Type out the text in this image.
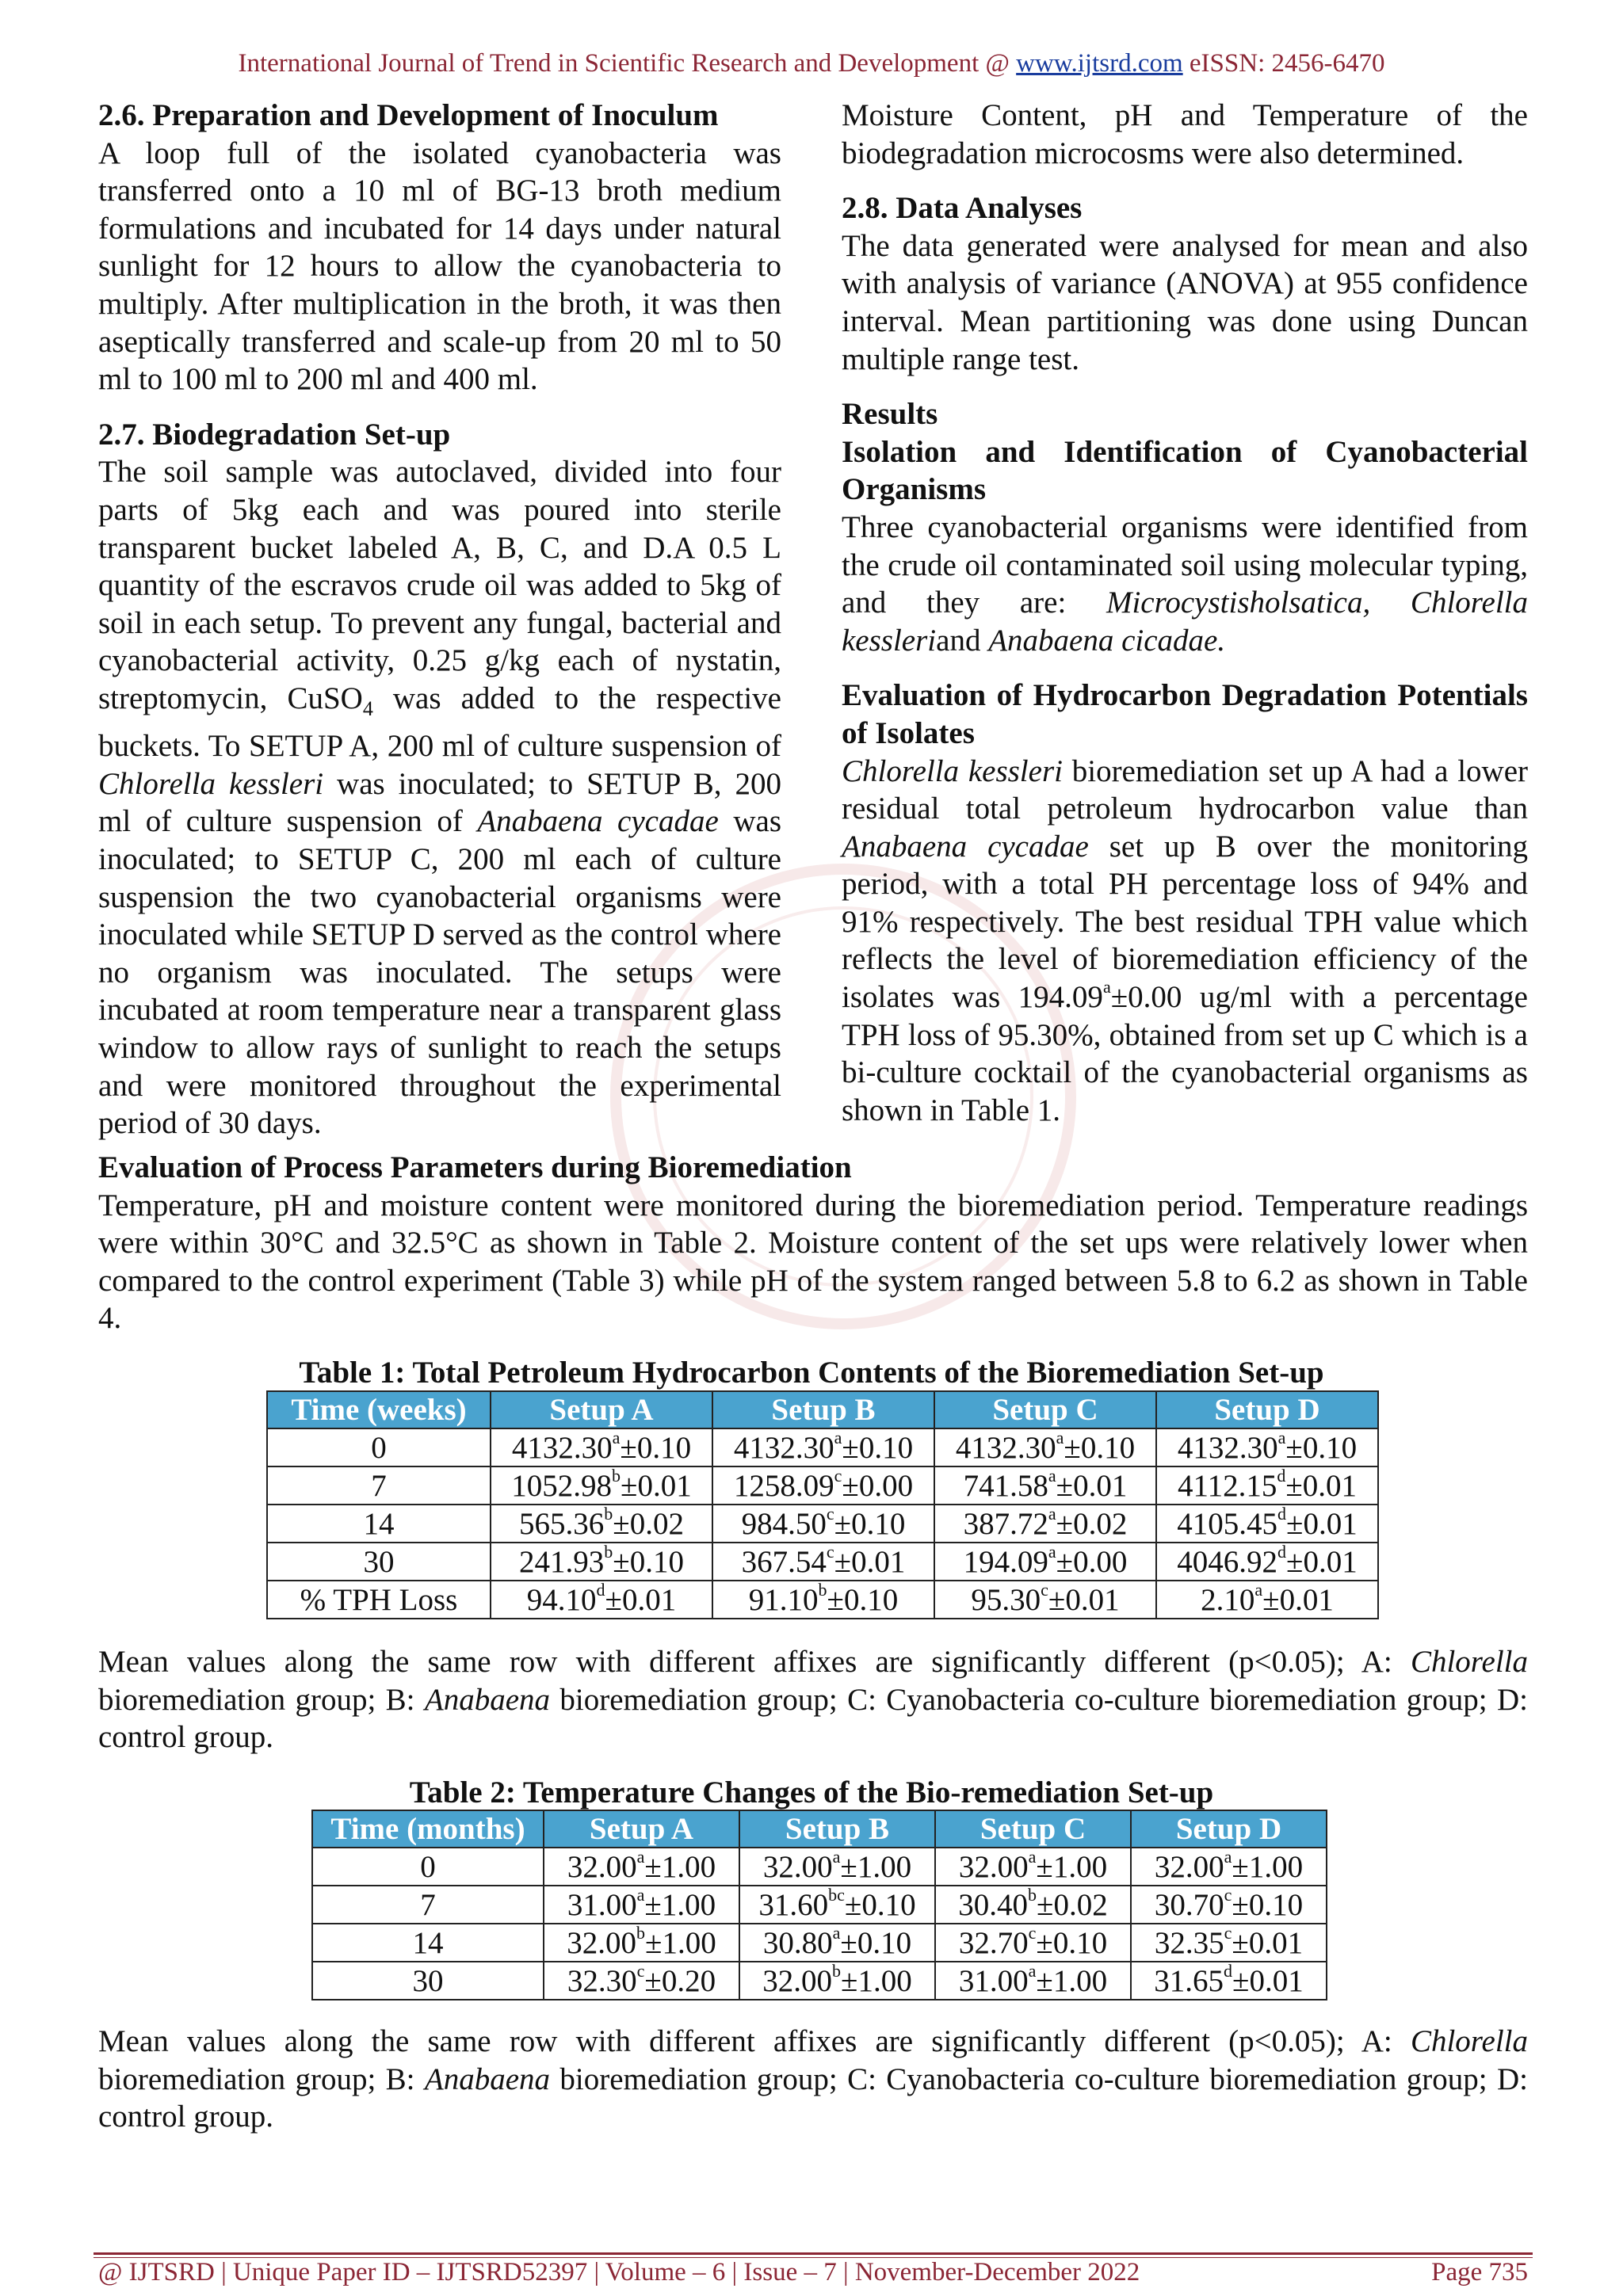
International Journal of Trend in Scientific Research and Development @ www.ijtsrd.com eISSN: 2456-6470

2.6. Preparation and Development of Inoculum

A loop full of the isolated cyanobacteria was transferred onto a 10 ml of BG-13 broth medium formulations and incubated for 14 days under natural sunlight for 12 hours to allow the cyanobacteria to multiply. After multiplication in the broth, it was then aseptically transferred and scale-up from 20 ml to 50 ml to 100 ml to 200 ml and 400 ml.

2.7. Biodegradation Set-up

The soil sample was autoclaved, divided into four parts of 5kg each and was poured into sterile transparent bucket labeled A, B, C, and D.A 0.5 L quantity of the escravos crude oil was added to 5kg of soil in each setup. To prevent any fungal, bacterial and cyanobacterial activity, 0.25 g/kg each of nystatin, streptomycin, CuSO$_4$ was added to the respective buckets. To SETUP A, 200 ml of culture suspension of Chlorella kessleri was inoculated; to SETUP B, 200 ml of culture suspension of Anabaena cycadae was inoculated; to SETUP C, 200 ml each of culture suspension the two cyanobacterial organisms were inoculated while SETUP D served as the control where no organism was inoculated. The setups were incubated at room temperature near a transparent glass window to allow rays of sunlight to reach the setups and were monitored throughout the experimental period of 30 days.

Moisture Content, pH and Temperature of the biodegradation microcosms were also determined.

2.8. Data Analyses

The data generated were analysed for mean and also with analysis of variance (ANOVA) at 955 confidence interval. Mean partitioning was done using Duncan multiple range test.

Results

Isolation and Identification of Cyanobacterial Organisms

Three cyanobacterial organisms were identified from the crude oil contaminated soil using molecular typing, and they are: Microcystisholsatica, Chlorella kessleriand Anabaena cicadae.

Evaluation of Hydrocarbon Degradation Potentials of Isolates

Chlorella kessleri bioremediation set up A had a lower residual total petroleum hydrocarbon value than Anabaena cycadae set up B over the monitoring period, with a total PH percentage loss of 94% and 91% respectively. The best residual TPH value which reflects the level of bioremediation efficiency of the isolates was 194.09$^a$±0.00 ug/ml with a percentage TPH loss of 95.30%, obtained from set up C which is a bi-culture cocktail of the cyanobacterial organisms as shown in Table 1.

Evaluation of Process Parameters during Bioremediation

Temperature, pH and moisture content were monitored during the bioremediation period. Temperature readings were within 30°C and 32.5°C as shown in Table 2. Moisture content of the set ups were relatively lower when compared to the control experiment (Table 3) while pH of the system ranged between 5.8 to 6.2 as shown in Table 4.

Table 1: Total Petroleum Hydrocarbon Contents of the Bioremediation Set-up
Time (weeks)	Setup A	Setup B	Setup C	Setup D
0	4132.30$^a$±0.10	4132.30$^a$±0.10	4132.30$^a$±0.10	4132.30$^a$±0.10
7	1052.98$^b$±0.01	1258.09$^c$±0.00	741.58$^a$±0.01	4112.15$^d$±0.01
14	565.36$^b$±0.02	984.50$^c$±0.10	387.72$^a$±0.02	4105.45$^d$±0.01
30	241.93$^b$±0.10	367.54$^c$±0.01	194.09$^a$±0.00	4046.92$^d$±0.01
% TPH Loss	94.10$^d$±0.01	91.10$^b$±0.10	95.30$^c$±0.01	2.10$^a$±0.01

Mean values along the same row with different affixes are significantly different (p<0.05); A: Chlorella bioremediation group; B: Anabaena bioremediation group; C: Cyanobacteria co-culture bioremediation group; D: control group.

Table 2: Temperature Changes of the Bio-remediation Set-up
Time (months)	Setup A	Setup B	Setup C	Setup D
0	32.00$^a$±1.00	32.00$^a$±1.00	32.00$^a$±1.00	32.00$^a$±1.00
7	31.00$^a$±1.00	31.60$^{bc}$±0.10	30.40$^b$±0.02	30.70$^c$±0.10
14	32.00$^b$±1.00	30.80$^a$±0.10	32.70$^c$±0.10	32.35$^c$±0.01
30	32.30$^c$±0.20	32.00$^b$±1.00	31.00$^a$±1.00	31.65$^d$±0.01

Mean values along the same row with different affixes are significantly different (p<0.05); A: Chlorella bioremediation group; B: Anabaena bioremediation group; C: Cyanobacteria co-culture bioremediation group; D: control group.

@ IJTSRD | Unique Paper ID – IJTSRD52397 | Volume – 6 | Issue – 7 | November-December 2022	Page 735
